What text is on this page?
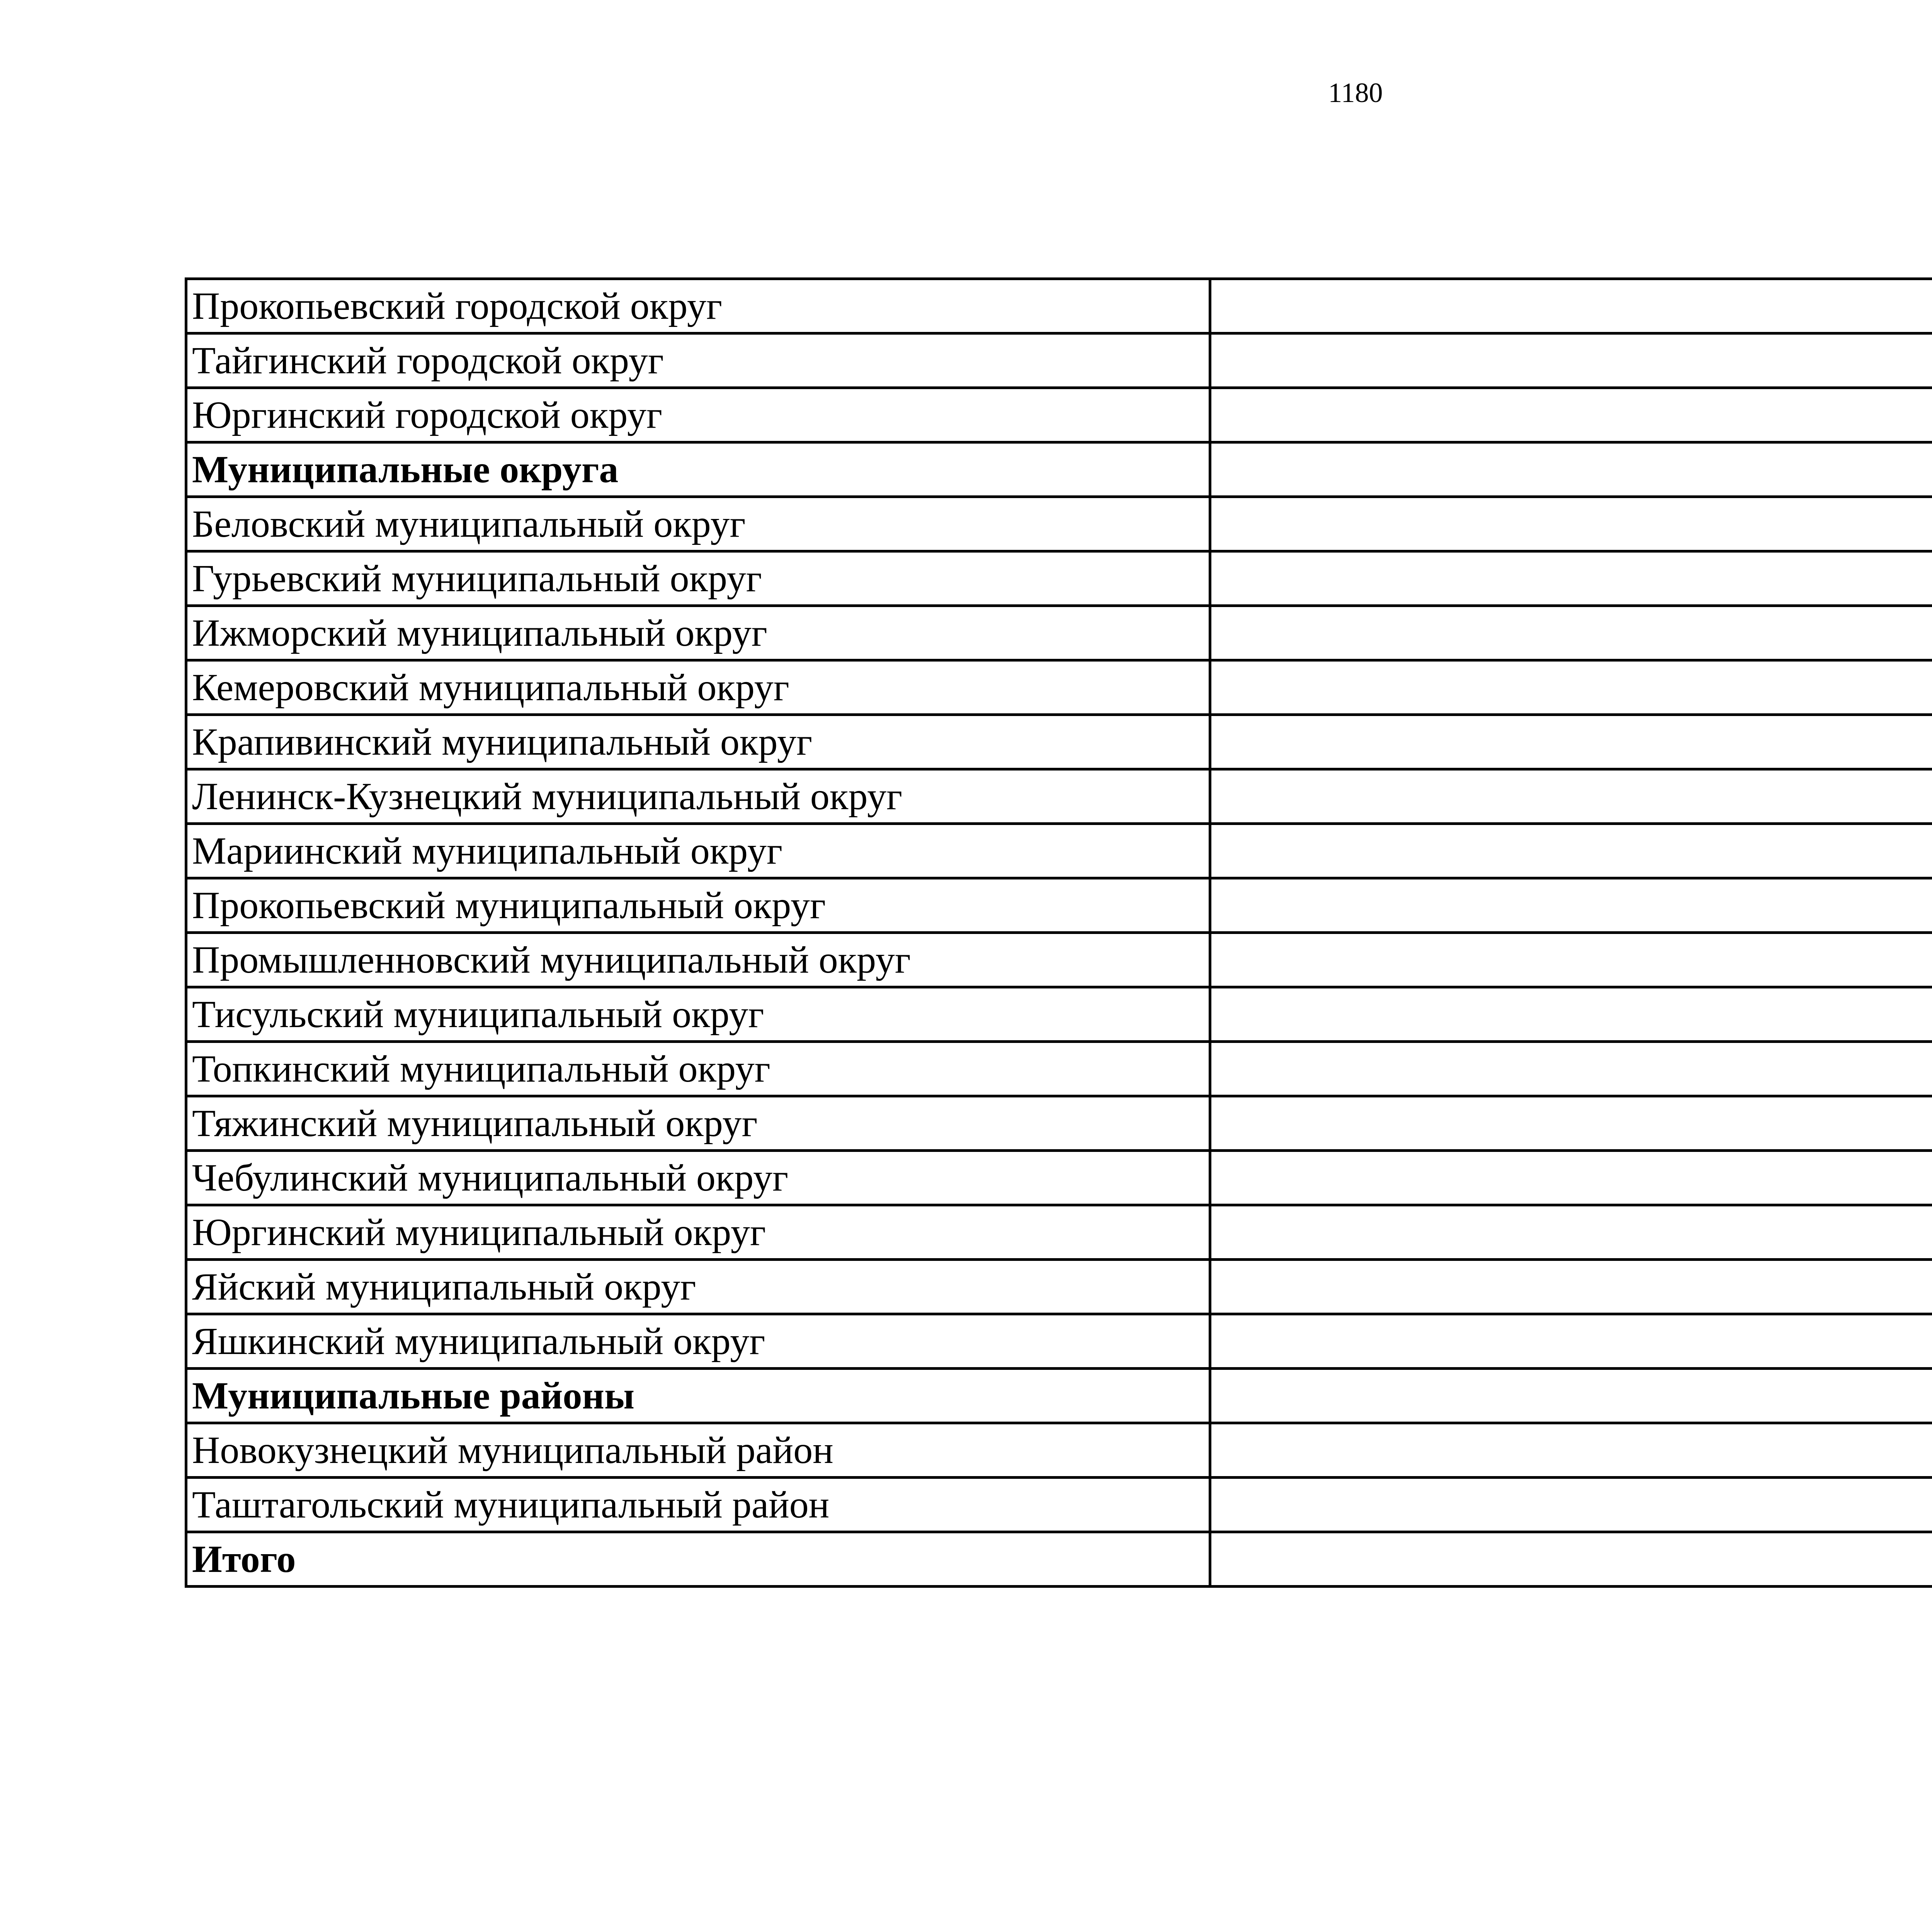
1180
Прокопьевский городской округ	
Тайгинский городской округ	
Юргинский городской округ	
Муниципальные округа	
Беловский муниципальный округ	
Гурьевский муниципальный округ	
Ижморский муниципальный округ	
Кемеровский муниципальный округ	
Крапивинский муниципальный округ	
Ленинск-Кузнецкий муниципальный округ	
Мариинский муниципальный округ	
Прокопьевский муниципальный округ	
Промышленновский муниципальный округ	
Тисульский муниципальный округ	
Топкинский муниципальный округ	
Тяжинский муниципальный округ	
Чебулинский муниципальный округ	
Юргинский муниципальный округ	
Яйский муниципальный округ	
Яшкинский муниципальный округ	
Муниципальные районы	
Новокузнецкий муниципальный район	
Таштагольский муниципальный район	
Итого	
